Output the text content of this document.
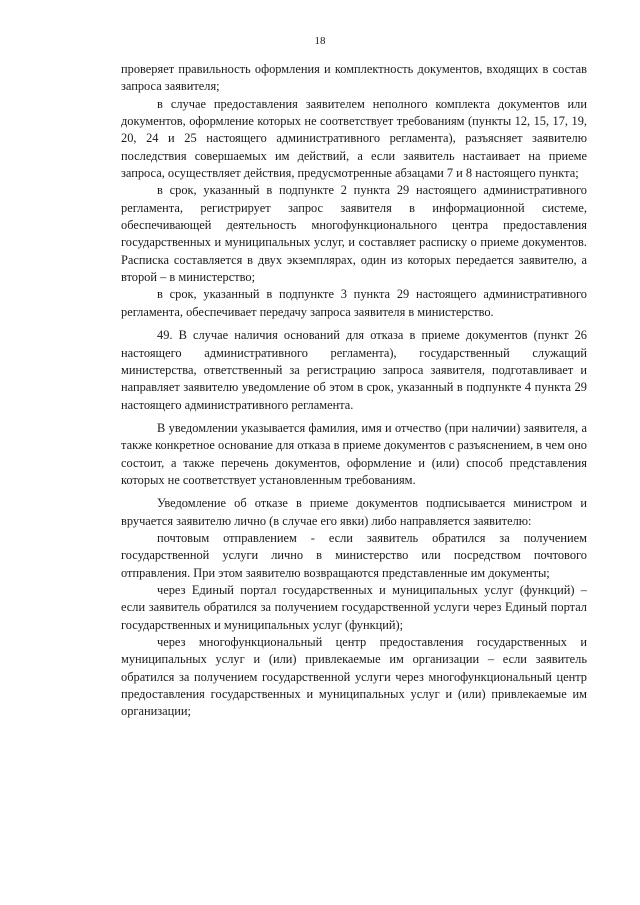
18

проверяет правильность оформления и комплектность документов, входящих в состав запроса заявителя;

в случае предоставления заявителем неполного комплекта документов или документов, оформление которых не соответствует требованиям (пункты 12, 15, 17, 19, 20, 24 и 25 настоящего административного регламента), разъясняет заявителю последствия совершаемых им действий, а если заявитель настаивает на приеме запроса, осуществляет действия, предусмотренные абзацами 7 и 8 настоящего пункта;

в срок, указанный в подпункте 2 пункта 29 настоящего административного регламента, регистрирует запрос заявителя в информационной системе, обеспечивающей деятельность многофункционального центра предоставления государственных и муниципальных услуг, и составляет расписку о приеме документов. Расписка составляется в двух экземплярах, один из которых передается заявителю, а второй – в министерство;

в срок, указанный в подпункте 3 пункта 29 настоящего административного регламента, обеспечивает передачу запроса заявителя в министерство.

49. В случае наличия оснований для отказа в приеме документов (пункт 26 настоящего административного регламента), государственный служащий министерства, ответственный за регистрацию запроса заявителя, подготавливает и направляет заявителю уведомление об этом в срок, указанный в подпункте 4 пункта 29 настоящего административного регламента.

В уведомлении указывается фамилия, имя и отчество (при наличии) заявителя, а также конкретное основание для отказа в приеме документов с разъяснением, в чем оно состоит, а также перечень документов, оформление и (или) способ представления которых не соответствует установленным требованиям.

Уведомление об отказе в приеме документов подписывается министром и вручается заявителю лично (в случае его явки) либо направляется заявителю:

почтовым отправлением - если заявитель обратился за получением государственной услуги лично в министерство или посредством почтового отправления. При этом заявителю возвращаются представленные им документы;

через Единый портал государственных и муниципальных услуг (функций) – если заявитель обратился за получением государственной услуги через Единый портал государственных и муниципальных услуг (функций);

через многофункциональный центр предоставления государственных и муниципальных услуг и (или) привлекаемые им организации – если заявитель обратился за получением государственной услуги через многофункциональный центр предоставления государственных и муниципальных услуг и (или) привлекаемые им организации;
